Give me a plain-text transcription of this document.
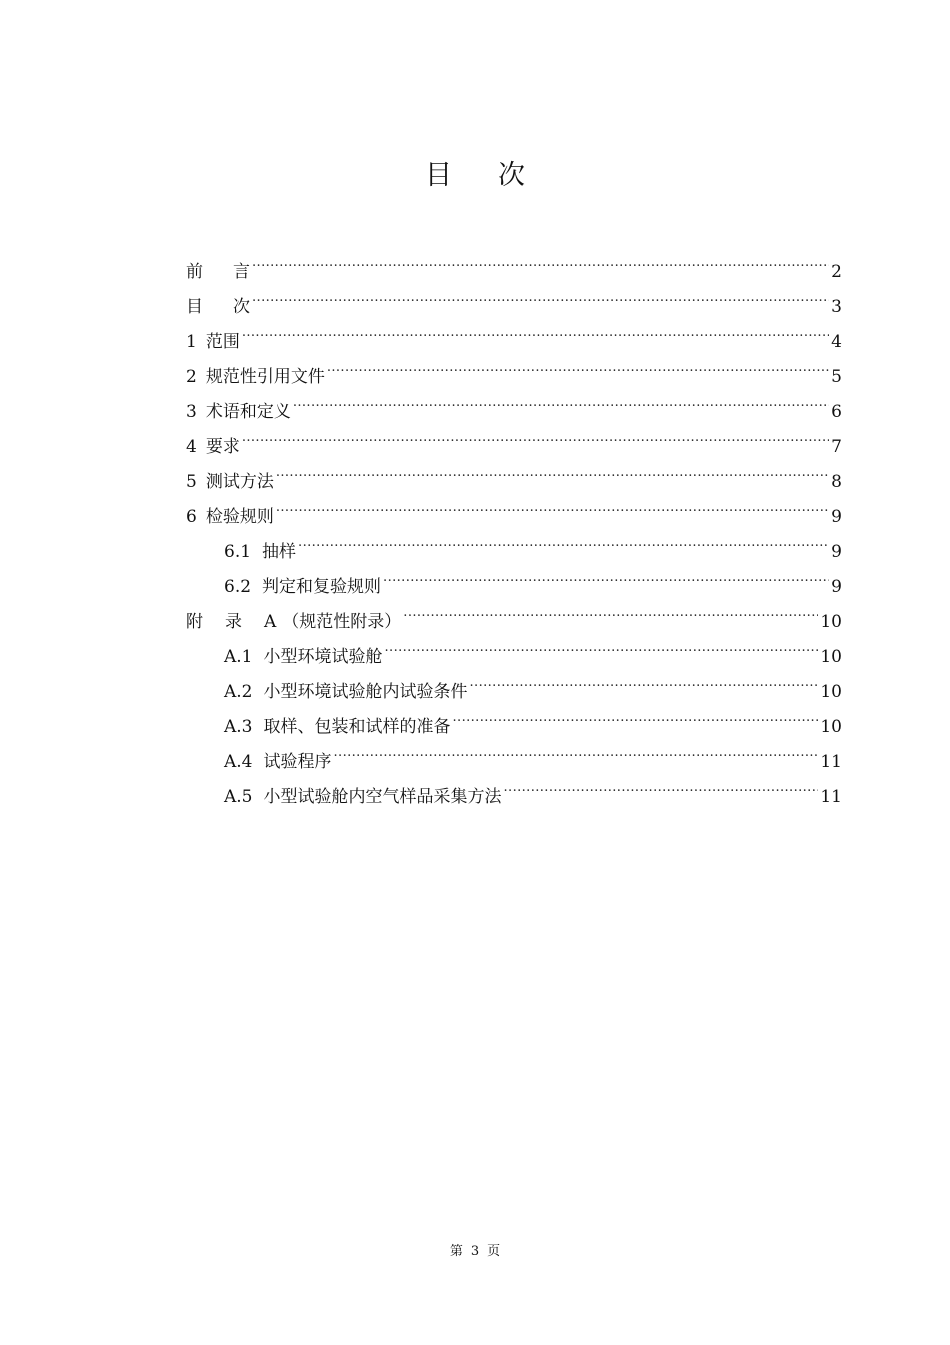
目 次
前 言 .....	2
目 次 .....	3
1 范围 .....	4
2 规范性引用文件 .....	5
3 术语和定义 .....	6
4 要求 .....	7
5 测试方法 .....	8
6 检验规则 .....	9
6.1 抽样 .....	9
6.2 判定和复验规则 .....	9
附 录 A （规范性附录） .....	10
A.1 小型环境试验舱 .....	10
A.2 小型环境试验舱内试验条件 .....	10
A.3 取样、包装和试样的准备 .....	10
A.4 试验程序 .....	11
A.5 小型试验舱内空气样品采集方法 .....	11
第 3 页
